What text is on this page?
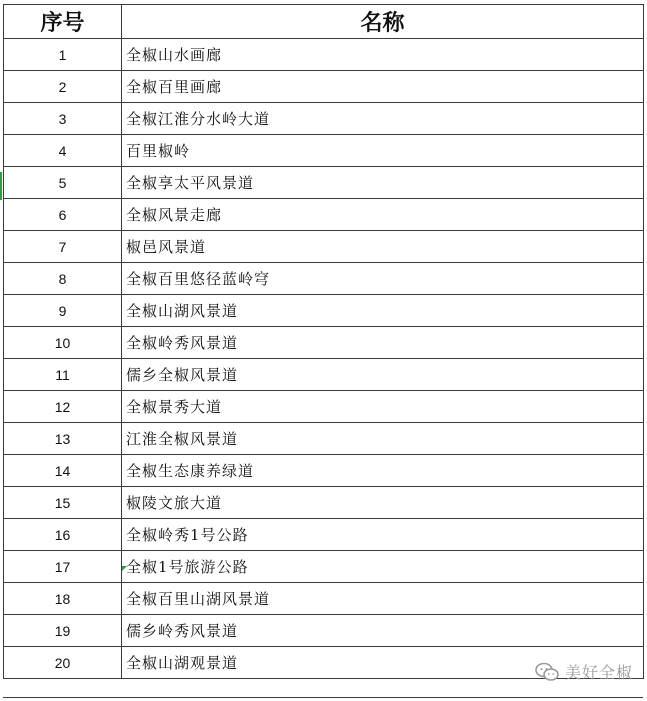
序号	名称
1	全椒山水画廊
2	全椒百里画廊
3	全椒江淮分水岭大道
4	百里椒岭
5	全椒享太平风景道
6	全椒风景走廊
7	椒邑风景道
8	全椒百里悠径蓝岭穹
9	全椒山湖风景道
10	全椒岭秀风景道
11	儒乡全椒风景道
12	全椒景秀大道
13	江淮全椒风景道
14	全椒生态康养绿道
15	椒陵文旅大道
16	全椒岭秀1号公路
17	全椒1号旅游公路
18	全椒百里山湖风景道
19	儒乡岭秀风景道
20	全椒山湖观景道	美好全椒
